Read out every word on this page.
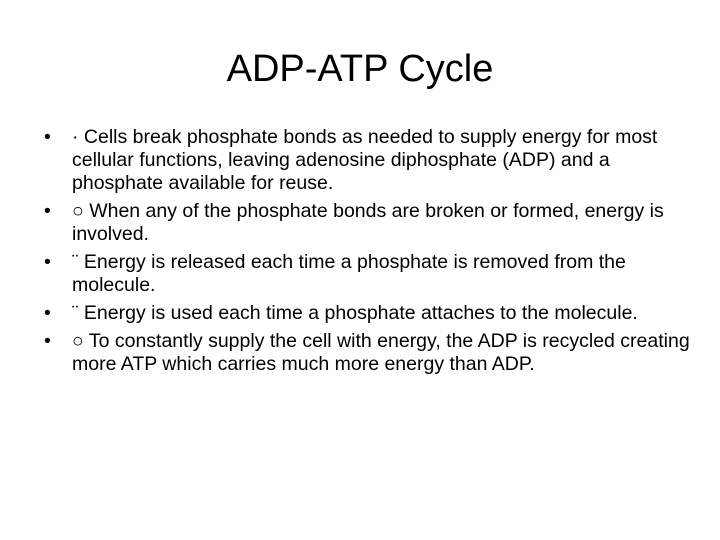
ADP-ATP Cycle
•	· Cells break phosphate bonds as needed to supply energy for most cellular functions, leaving adenosine diphosphate (ADP) and a phosphate available for reuse.
•	○ When any of the phosphate bonds are broken or formed, energy is involved.
•	¨ Energy is released each time a phosphate is removed from the molecule.
•	¨ Energy is used each time a phosphate attaches to the molecule.
•	○ To constantly supply the cell with energy, the ADP is recycled creating more ATP which carries much more energy than ADP.
